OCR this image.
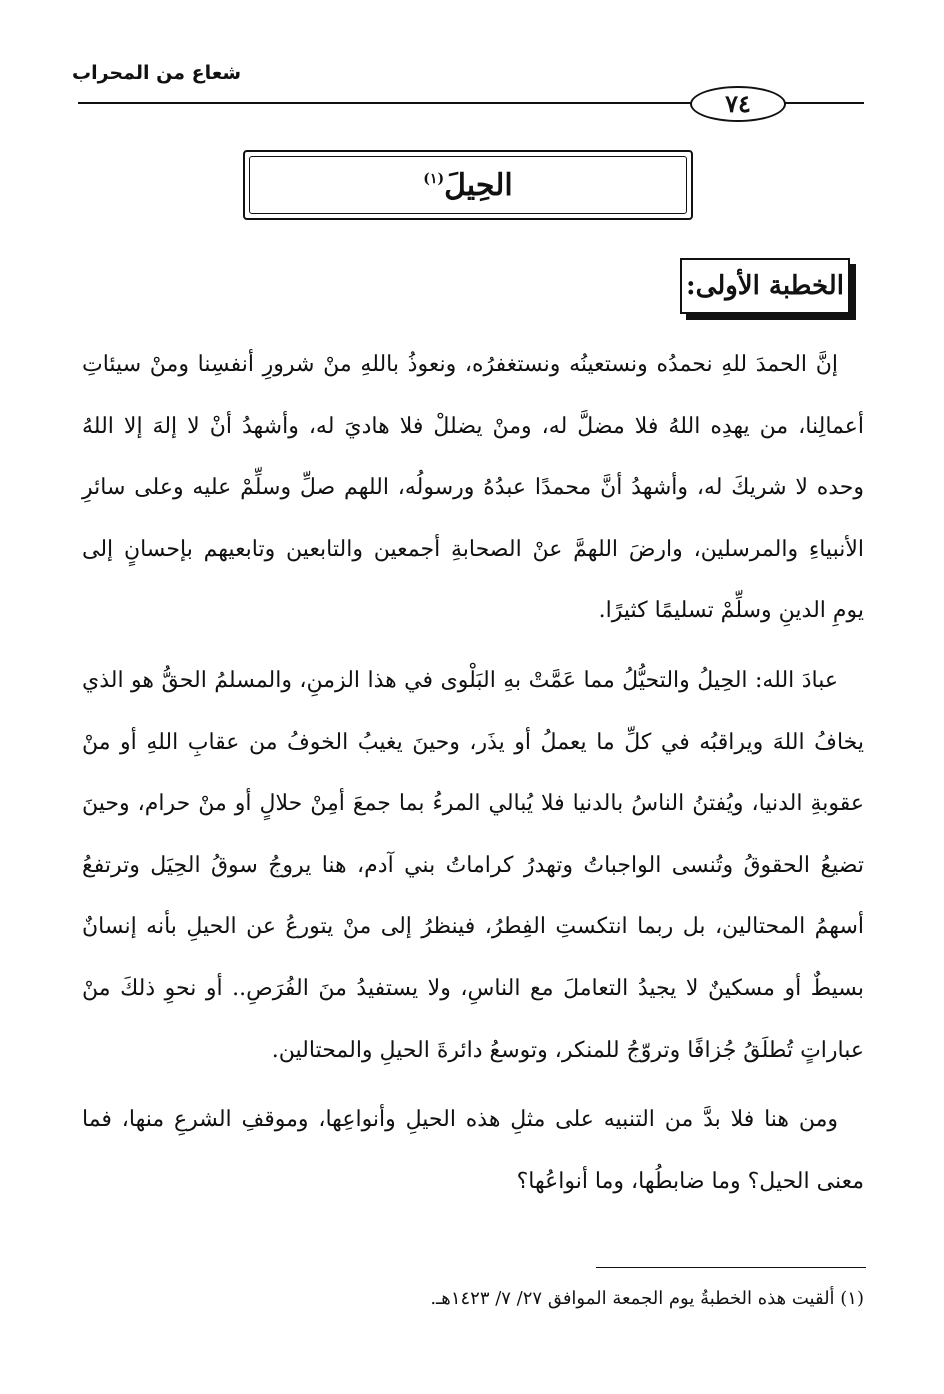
شعاع من المحراب
٧٤
الحِيلَ
$^{(١)}$
الخطبة الأولى:

إنَّ الحمدَ للهِ نحمدُه ونستعينُه ونستغفرُه، ونعوذُ باللهِ منْ شرورِ أنفسِنا ومنْ سيئاتِ أعمالِنا، من يهدِه اللهُ فلا مضلَّ له، ومنْ يضللْ فلا هاديَ له، وأشهدُ أنْ لا إلهَ إلا اللهُ وحده لا شريكَ له، وأشهدُ أنَّ محمدًا عبدُهُ ورسولُه، اللهم صلِّ وسلِّمْ عليه وعلى سائرِ الأنبياءِ والمرسلين، وارضَ اللهمَّ عنْ الصحابةِ أجمعين والتابعين وتابعيهم بإحسانٍ إلى يومِ الدينِ وسلِّمْ تسليمًا كثيرًا.

عبادَ الله: الحِيلُ والتحيُّلُ مما عَمَّتْ بهِ البَلْوى في هذا الزمنِ، والمسلمُ الحقُّ هو الذي يخافُ اللهَ ويراقبُه في كلِّ ما يعملُ أو يذَر، وحينَ يغيبُ الخوفُ من عقابِ اللهِ أو منْ عقوبةِ الدنيا، ويُفتنُ الناسُ بالدنيا فلا يُبالي المرءُ بما جمعَ أمِنْ حلالٍ أو منْ حرام، وحينَ تضيعُ الحقوقُ وتُنسى الواجباتُ وتهدرُ كراماتُ بني آدم، هنا يروجُ سوقُ الحِيَل وترتفعُ أسهمُ المحتالين، بل ربما انتكستِ الفِطرُ، فينظرُ إلى منْ يتورعُ عن الحيلِ بأنه إنسانٌ بسيطٌ أو مسكينٌ لا يجيدُ التعاملَ مع الناسِ، ولا يستفيدُ منَ الفُرَصِ.. أو نحوِ ذلكَ منْ عباراتٍ تُطلَقُ جُزافًا وتروّجُ للمنكر، وتوسعُ دائرةَ الحيلِ والمحتالين.

ومن هنا فلا بدَّ من التنبيه على مثلِ هذه الحيلِ وأنواعِها، وموقفِ الشرعِ منها، فما معنى الحيل؟ وما ضابطُها، وما أنواعُها؟

(١) ألقيت هذه الخطبةُ يوم الجمعة الموافق ٢٧/ ٧/ ١٤٢٣هـ.
